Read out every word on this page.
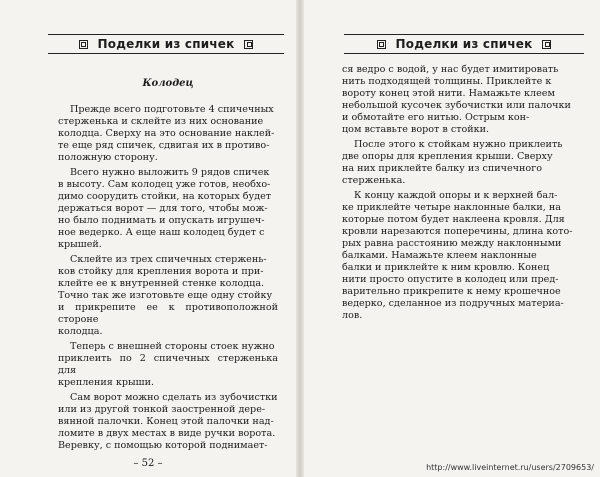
Поделки из спичек
Колодец

Прежде всего подготовьте 4 спичечных
стерженька и склейте из них основание
колодца. Сверху на это основание наклей-
те еще ряд спичек, сдвигая их в противо-
положную сторону.

Всего нужно выложить 9 рядов спичек
в высоту. Сам колодец уже готов, необхо-
димо соорудить стойки, на которых будет
держаться ворот — для того, чтобы мож-
но было поднимать и опускать игрушеч-
ное ведерко. А еще наш колодец будет с
крышей.

Склейте из трех спичечных стержень-
ков стойку для крепления ворота и при-
клейте ее к внутренней стенке колодца.
Точно так же изготовьте еще одну стойку
и прикрепите ее к противоположной стороне
колодца.

Теперь с внешней стороны стоек нужно
приклеить по 2 спичечных стерженька для
крепления крыши.

Сам ворот можно сделать из зубочистки
или из другой тонкой заостренной дере-
вянной палочки. Конец этой палочки над-
ломите в двух местах в виде ручки ворота.
Веревку, с помощью которой поднимает-

– 52 –
Поделки из спичек

ся ведро с водой, у нас будет имитировать
нить подходящей толщины. Приклейте к
вороту конец этой нити. Намажьте клеем
небольшой кусочек зубочистки или палочки
и обмотайте его нитью. Острым кон-
цом вставьте ворот в стойки.

После этого к стойкам нужно приклеить
две опоры для крепления крыши. Сверху
на них приклейте балку из спичечного
стерженька.

К концу каждой опоры и к верхней бал-
ке приклейте четыре наклонные балки, на
которые потом будет наклеена кровля. Для
кровли нарезаются поперечины, длина кото-
рых равна расстоянию между наклонными
балками. Намажьте клеем наклонные
балки и приклейте к ним кровлю. Конец
нити просто опустите в колодец или пред-
варительно прикрепите к нему крошечное
ведерко, сделанное из подручных материа-
лов.

http://www.liveinternet.ru/users/2709653/
